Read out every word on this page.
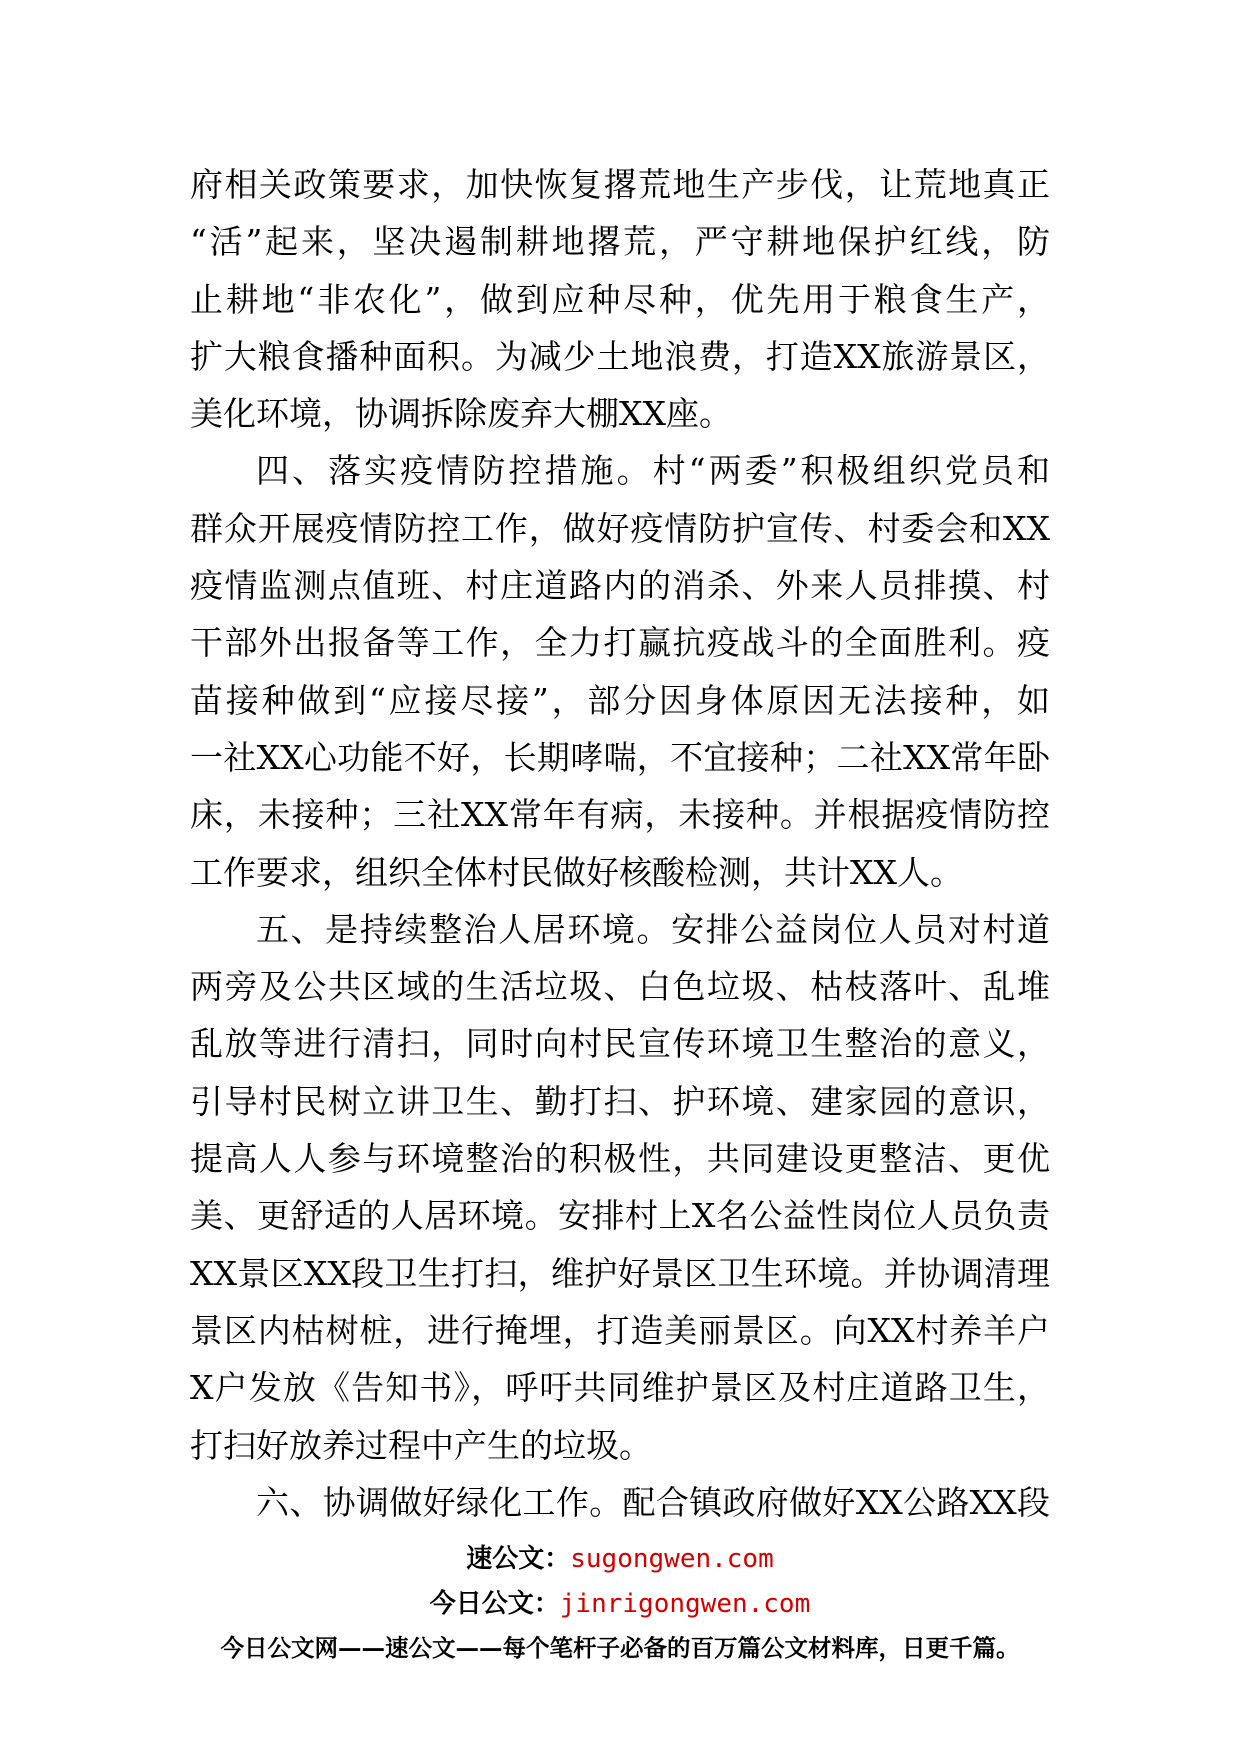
府相关政策要求，加快恢复撂荒地生产步伐，让荒地真正
“活”起来，坚决遏制耕地撂荒，严守耕地保护红线，防
止耕地“非农化”，做到应种尽种，优先用于粮食生产，
扩大粮食播种面积。为减少土地浪费，打造XX旅游景区，
美化环境，协调拆除废弃大棚XX座。
四、落实疫情防控措施。村“两委”积极组织党员和
群众开展疫情防控工作，做好疫情防护宣传、村委会和XX
疫情监测点值班、村庄道路内的消杀、外来人员排摸、村
干部外出报备等工作，全力打赢抗疫战斗的全面胜利。疫
苗接种做到“应接尽接”，部分因身体原因无法接种，如
一社XX心功能不好，长期哮喘，不宜接种；二社XX常年卧
床，未接种；三社XX常年有病，未接种。并根据疫情防控
工作要求，组织全体村民做好核酸检测，共计XX人。
五、是持续整治人居环境。安排公益岗位人员对村道
两旁及公共区域的生活垃圾、白色垃圾、枯枝落叶、乱堆
乱放等进行清扫，同时向村民宣传环境卫生整治的意义，
引导村民树立讲卫生、勤打扫、护环境、建家园的意识，
提高人人参与环境整治的积极性，共同建设更整洁、更优
美、更舒适的人居环境。安排村上X名公益性岗位人员负责
XX景区XX段卫生打扫，维护好景区卫生环境。并协调清理
景区内枯树桩，进行掩埋，打造美丽景区。向XX村养羊户
X户发放《告知书》，呼吁共同维护景区及村庄道路卫生，
打扫好放养过程中产生的垃圾。
六、协调做好绿化工作。配合镇政府做好XX公路XX段
速公文：sugongwen.com
今日公文：jinrigongwen.com
今日公文网——速公文——每个笔杆子必备的百万篇公文材料库，日更千篇。
